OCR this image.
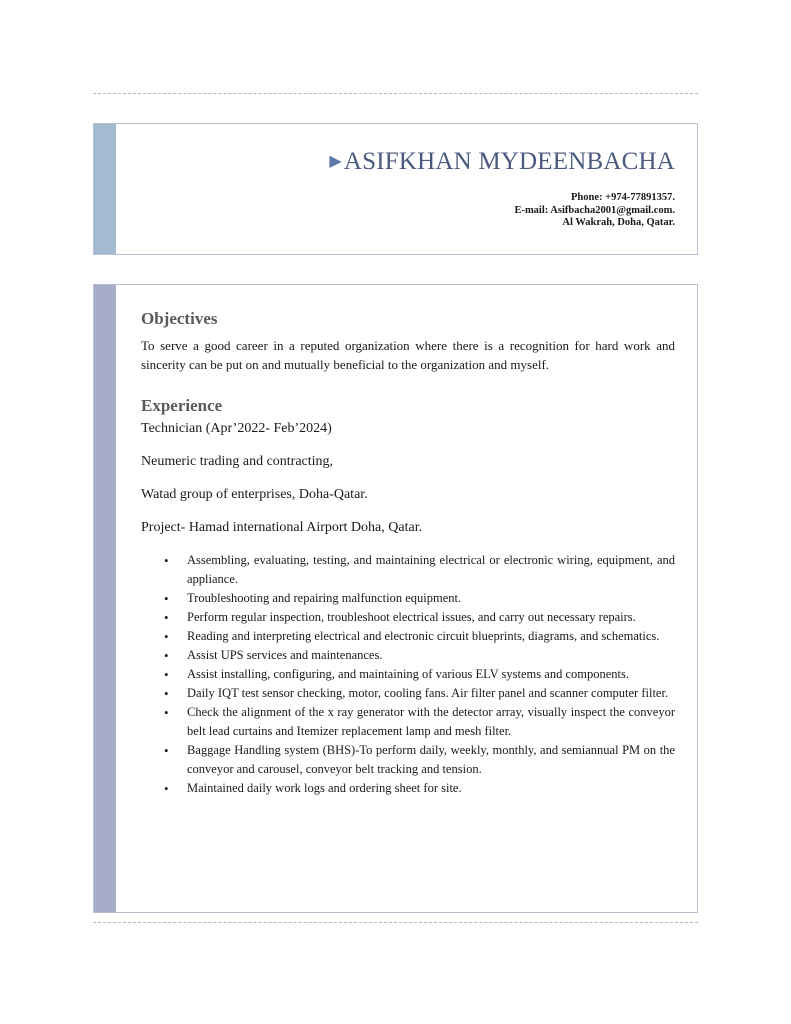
▶ASIFKHAN MYDEENBACHA
Phone: +974-77891357.
E-mail: Asifbacha2001@gmail.com.
Al Wakrah, Doha, Qatar.
Objectives

To serve a good career in a reputed organization where there is a recognition for hard work and sincerity can be put on and mutually beneficial to the organization and myself.

Experience

Technician (Apr’2022- Feb’2024)

Neumeric trading and contracting,

Watad group of enterprises, Doha-Qatar.

Project- Hamad international Airport Doha, Qatar.

• Assembling, evaluating, testing, and maintaining electrical or electronic wiring, equipment, and appliance.
• Troubleshooting and repairing malfunction equipment.
• Perform regular inspection, troubleshoot electrical issues, and carry out necessary repairs.
• Reading and interpreting electrical and electronic circuit blueprints, diagrams, and schematics.
• Assist UPS services and maintenances.
• Assist installing, configuring, and maintaining of various ELV systems and components.
• Daily IQT test sensor checking, motor, cooling fans. Air filter panel and scanner computer filter.
• Check the alignment of the x ray generator with the detector array, visually inspect the conveyor belt lead curtains and Itemizer replacement lamp and mesh filter.
• Baggage Handling system (BHS)-To perform daily, weekly, monthly, and semiannual PM on the conveyor and carousel, conveyor belt tracking and tension.
• Maintained daily work logs and ordering sheet for site.
